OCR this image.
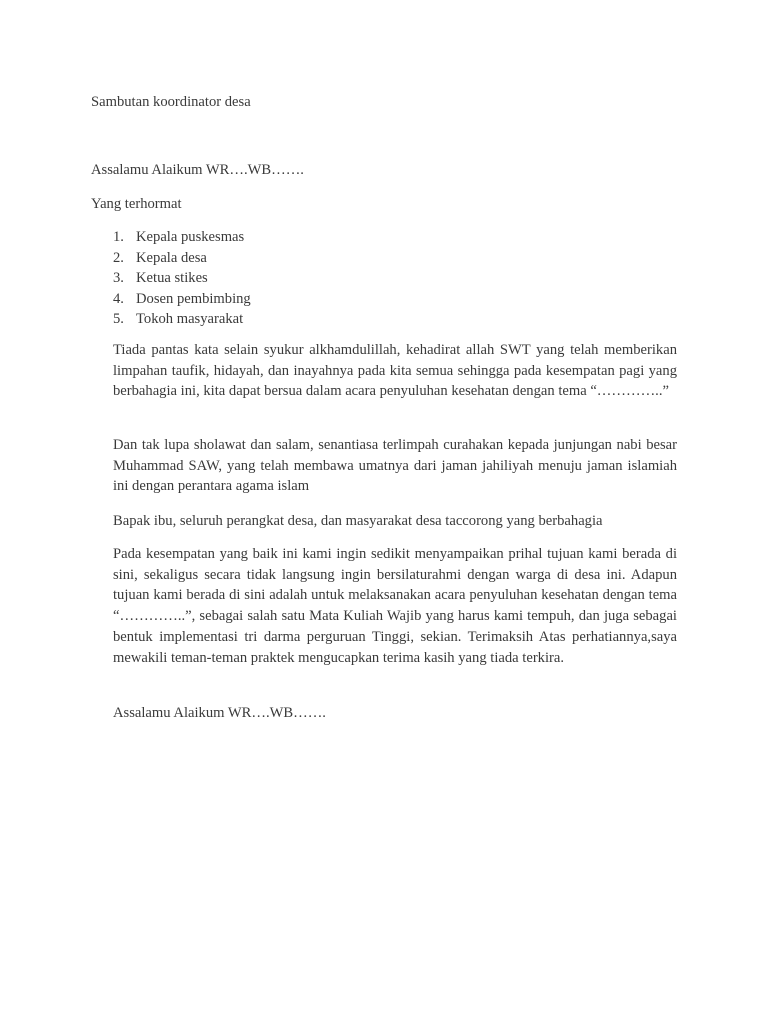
Sambutan koordinator desa
Assalamu Alaikum WR….WB…….
Yang terhormat
1. Kepala puskesmas
2. Kepala desa
3. Ketua stikes
4. Dosen pembimbing
5. Tokoh masyarakat

Tiada pantas kata selain syukur alkhamdulillah, kehadirat allah SWT yang telah memberikan limpahan taufik, hidayah, dan inayahnya pada kita semua sehingga pada kesempatan pagi yang berbahagia ini, kita dapat bersua dalam acara penyuluhan kesehatan dengan tema “…………..”

Dan tak lupa sholawat dan salam, senantiasa terlimpah curahakan kepada junjungan nabi besar Muhammad SAW, yang telah membawa umatnya dari jaman jahiliyah menuju jaman islamiah ini dengan perantara agama islam

Bapak ibu, seluruh perangkat desa, dan masyarakat desa taccorong yang berbahagia

Pada kesempatan yang baik ini kami ingin sedikit menyampaikan prihal tujuan kami berada di sini, sekaligus secara tidak langsung ingin bersilaturahmi dengan warga di desa ini. Adapun tujuan kami berada di sini adalah untuk melaksanakan acara penyuluhan kesehatan dengan tema “…………..”, sebagai salah satu Mata Kuliah Wajib yang harus kami tempuh, dan juga sebagai bentuk implementasi tri darma perguruan Tinggi, sekian. Terimaksih Atas perhatiannya,saya mewakili teman-teman praktek mengucapkan terima kasih yang tiada terkira.

Assalamu Alaikum WR….WB…….
